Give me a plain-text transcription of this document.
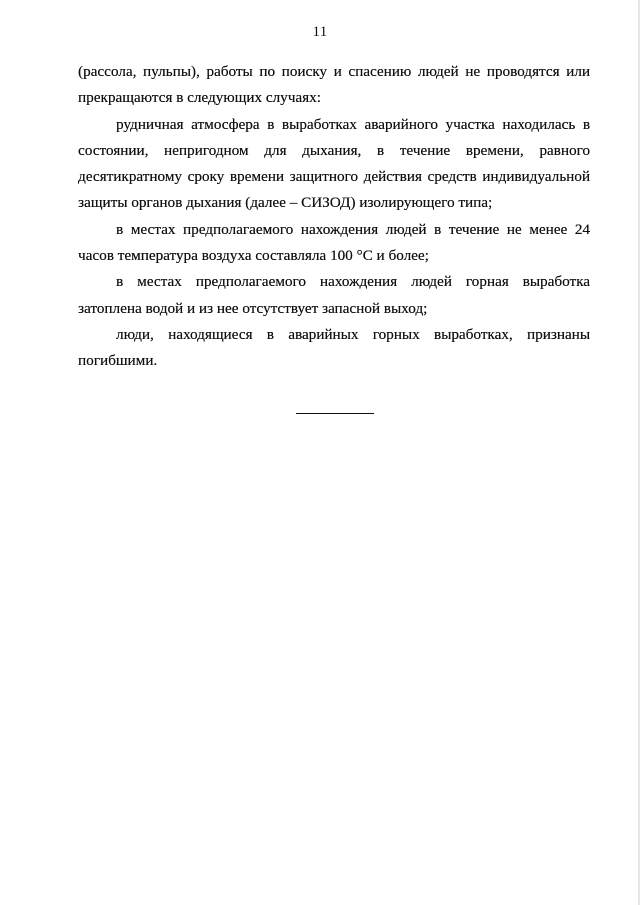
11

(рассола, пульпы), работы по поиску и спасению людей не проводятся или прекращаются в следующих случаях:

рудничная атмосфера в выработках аварийного участка находилась в состоянии, непригодном для дыхания, в течение времени, равного десятикратному сроку времени защитного действия средств индивидуальной защиты органов дыхания (далее – СИЗОД) изолирующего типа;

в местах предполагаемого нахождения людей в течение не менее 24 часов температура воздуха составляла 100 °С и более;

в местах предполагаемого нахождения людей горная выработка затоплена водой и из нее отсутствует запасной выход;

люди, находящиеся в аварийных горных выработках, признаны погибшими.
